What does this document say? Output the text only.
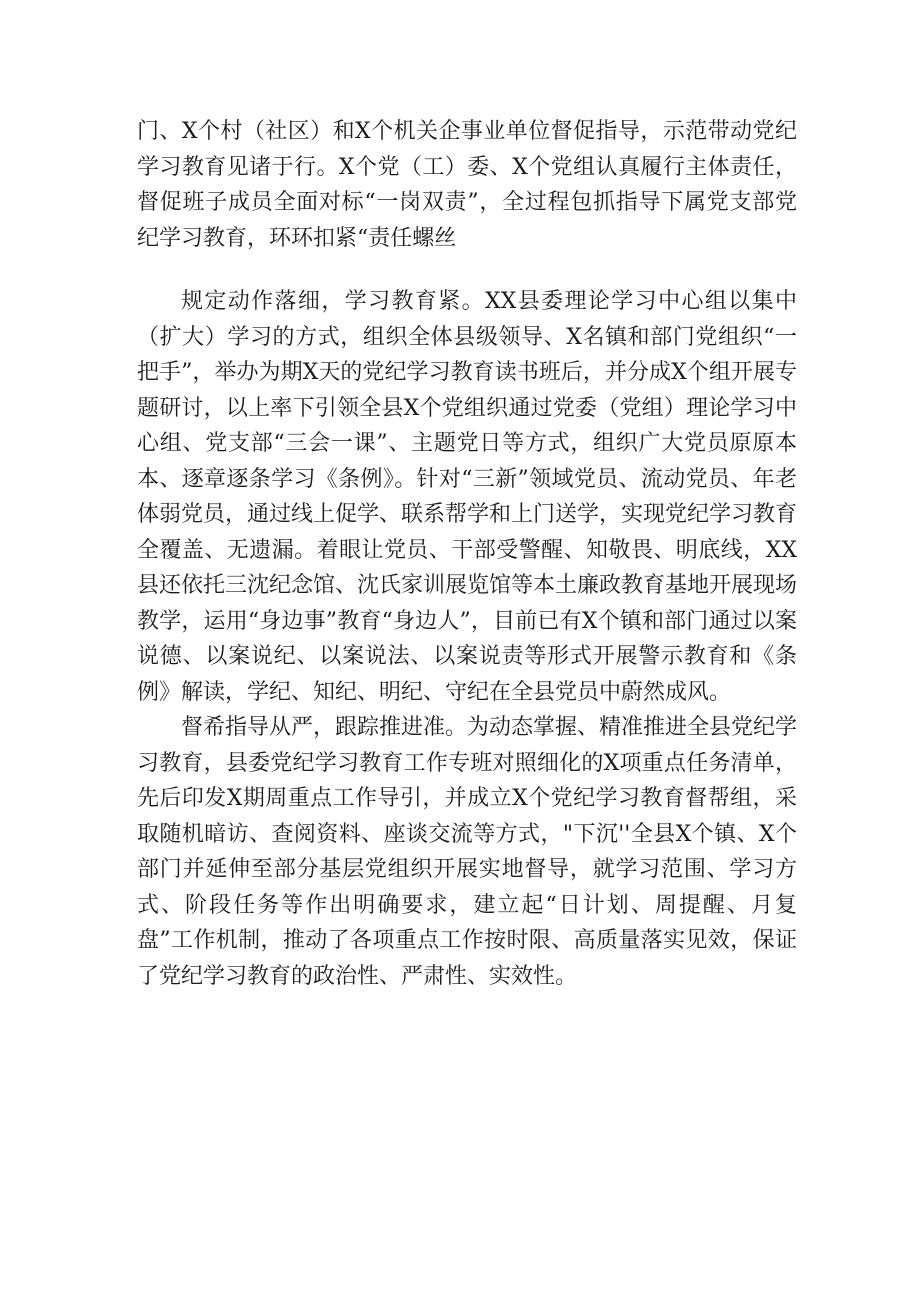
门、X个村（社区）和X个机关企事业单位督促指导，示范带动党纪学习教育见诸于行。X个党（工）委、X个党组认真履行主体责任，督促班子成员全面对标“一岗双责”，全过程包抓指导下属党支部党纪学习教育，环环扣紧“责任螺丝

规定动作落细，学习教育紧。XX县委理论学习中心组以集中（扩大）学习的方式，组织全体县级领导、X名镇和部门党组织“一把手”，举办为期X天的党纪学习教育读书班后，并分成X个组开展专题研讨，以上率下引领全县X个党组织通过党委（党组）理论学习中心组、党支部“三会一课”、主题党日等方式，组织广大党员原原本本、逐章逐条学习《条例》。针对“三新”领域党员、流动党员、年老体弱党员，通过线上促学、联系帮学和上门送学，实现党纪学习教育全覆盖、无遗漏。着眼让党员、干部受警醒、知敬畏、明底线，XX县还依托三沈纪念馆、沈氏家训展览馆等本土廉政教育基地开展现场教学，运用“身边事”教育“身边人”，目前已有X个镇和部门通过以案说德、以案说纪、以案说法、以案说责等形式开展警示教育和《条例》解读，学纪、知纪、明纪、守纪在全县党员中蔚然成风。

督希指导从严，跟踪推进准。为动态掌握、精准推进全县党纪学习教育，县委党纪学习教育工作专班对照细化的X项重点任务清单，先后印发X期周重点工作导引，并成立X个党纪学习教育督帮组，采取随机暗访、查阅资料、座谈交流等方式，"下沉''全县X个镇、X个部门并延伸至部分基层党组织开展实地督导，就学习范围、学习方式、阶段任务等作出明确要求，建立起“日计划、周提醒、月复盘”工作机制，推动了各项重点工作按时限、高质量落实见效，保证了党纪学习教育的政治性、严肃性、实效性。
